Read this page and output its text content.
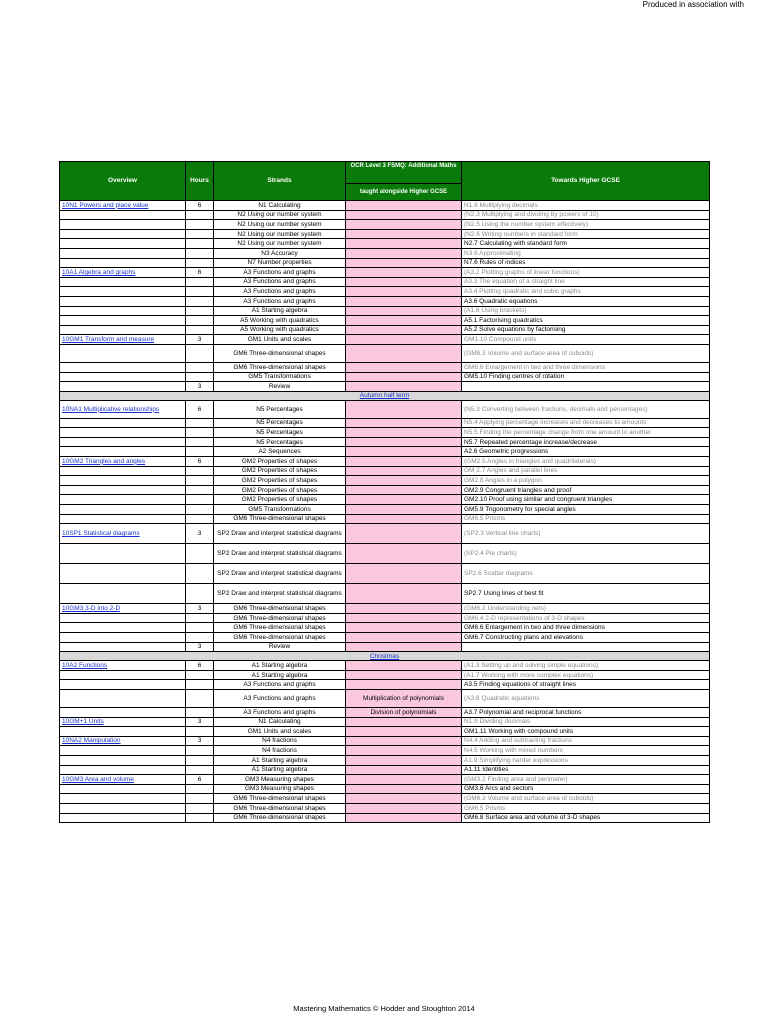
Produced in association with
Overview	Hours	Strands	OCR Level 3 FSMQ: Additional Maths	Towards Higher GCSE
			taught alongside Higher GCSE	
10N1 Powers and place value	6	N1 Calculating		N1.8 Multiplying decimals
		N2 Using our number system		(N2.3 Multiplying and dividing by powers of 10)
		N2 Using our number system		(N2.5 Using the number system effectively)
		N2 Using our number system		(N2.6 Writing numbers in standard form
		N2 Using our number system		N2.7 Calculating with standard form
		N3 Accuracy		N3.6 Approximating
		N7 Number properties		N7.6 Rules of indices
10A1 Algebra and graphs	6	A3 Functions and graphs		(A3.2 Plotting graphs of linear functions)
		A3 Functions and graphs		A3.3 The equation of a straight line
		A3 Functions and graphs		A3.4 Plotting quadratic and cubic graphs
		A3 Functions and graphs		A3.6 Quadratic equations
		A1 Starting algebra		(A1.6 Using brackets)
		A5 Working with quadratics		A5.1 Factorising quadratics
		A5 Working with quadratics		A5.2 Solve equations by factorising
10GM1 Transform and measure	3	GM1 Units and scales		GM1.10 Compound units
		GM6 Three-dimensional shapes		(GM6.3 Volume and surface area of cuboids)
		GM6 Three-dimensional shapes		GM6.6 Enlargement in two and three dimensions
		GM5 Transformations		GM5.10 Finding centres of rotation
	3	Review		
Autumn half term				
10NA1 Multiplicative relationships	6	N5 Percentages		(N5.3 Converting between fractions, decimals and percentages)
		N5 Percentages		N5.4 Applying percentage increases and decreases to amounts
		N5 Percentages		N5.5 Finding the percentage change from one amount to another
		N5 Percentages		N5.7 Repeated percentage increase/decrease
		A2 Sequences		A2.6 Geometric progressions
10GM2 Triangles and angles	6	GM2 Properties of shapes		(GM2.5 Angles in triangles and quadrilaterals)
		GM2 Properties of shapes		GM 2.7 Angles and parallel lines
		GM2 Properties of shapes		GM2.8 Angles in a polygon
		GM2 Properties of shapes		GM2.9 Congruent triangles and proof
		GM2 Properties of shapes		GM2.10 Proof using similar and congruent triangles
		GM5 Transformations		GM5.9 Trigonometry for special angles
		GM6 Three-dimensional shapes		GM6.5 Prisms
10SP1 Statistical diagrams	3	SP2 Draw and interpret statistical diagrams		(SP2.3 Vertical line charts)
		SP2 Draw and interpret statistical diagrams		(SP2.4 Pie charts)
		SP2 Draw and interpret statistical diagrams		SP2.6 Scatter diagrams
		SP2 Draw and interpret statistical diagrams		SP2.7 Using lines of best fit
10GM3 3-D into 2-D	3	GM6 Three-dimensional shapes		(GM6.2 Understanding nets)
		GM6 Three-dimensional shapes		GM6.4 2-D representations of 3-D shapes
		GM6 Three-dimensional shapes		GM6.6 Enlargement in two and three dimensions
		GM6 Three-dimensional shapes		GM6.7 Constructing plans and elevations
	3	Review		
Christmas				
10A2 Functions	6	A1 Starting algebra		(A1.3 Setting up and solving simple equations)
		A1 Starting algebra		(A1.7 Working with more complex equations)
		A3 Functions and graphs		A3.5 Finding equations of straight lines
		A3 Functions and graphs	Multiplication of polynomials	(A3.6 Quadratic equations
		A3 Functions and graphs	Division of polynomials	A3.7 Polynomial and reciprocal functions
10GM+1 Units	3	N1 Calculating		N1.9 Dividing decimals
		GM1 Units and scales		GM1.11 Working with compound units
10NA2 Manipulation	3	N4 fractions		N4.4 Adding and subtracting fractions
		N4 fractions		N4.5 Working with mixed numbers
		A1 Starting algebra		A1.9 Simplifying harder expressions
		A1 Starting algebra		A1.11 Identities
10GM3 Area and volume	6	GM3 Measuring shapes		(GM3.2 Finding area and perimeter)
		GM3 Measuring shapes		GM3.6 Arcs and sectors
		GM6 Three-dimensional shapes		(GM6.3 Volume and surface area of cuboids)
		GM6 Three-dimensional shapes		GM6.5 Prisms
		GM6 Three-dimensional shapes		GM6.8 Surface area and volume of 3-D shapes
Mastering Mathematics © Hodder and Stoughton 2014
